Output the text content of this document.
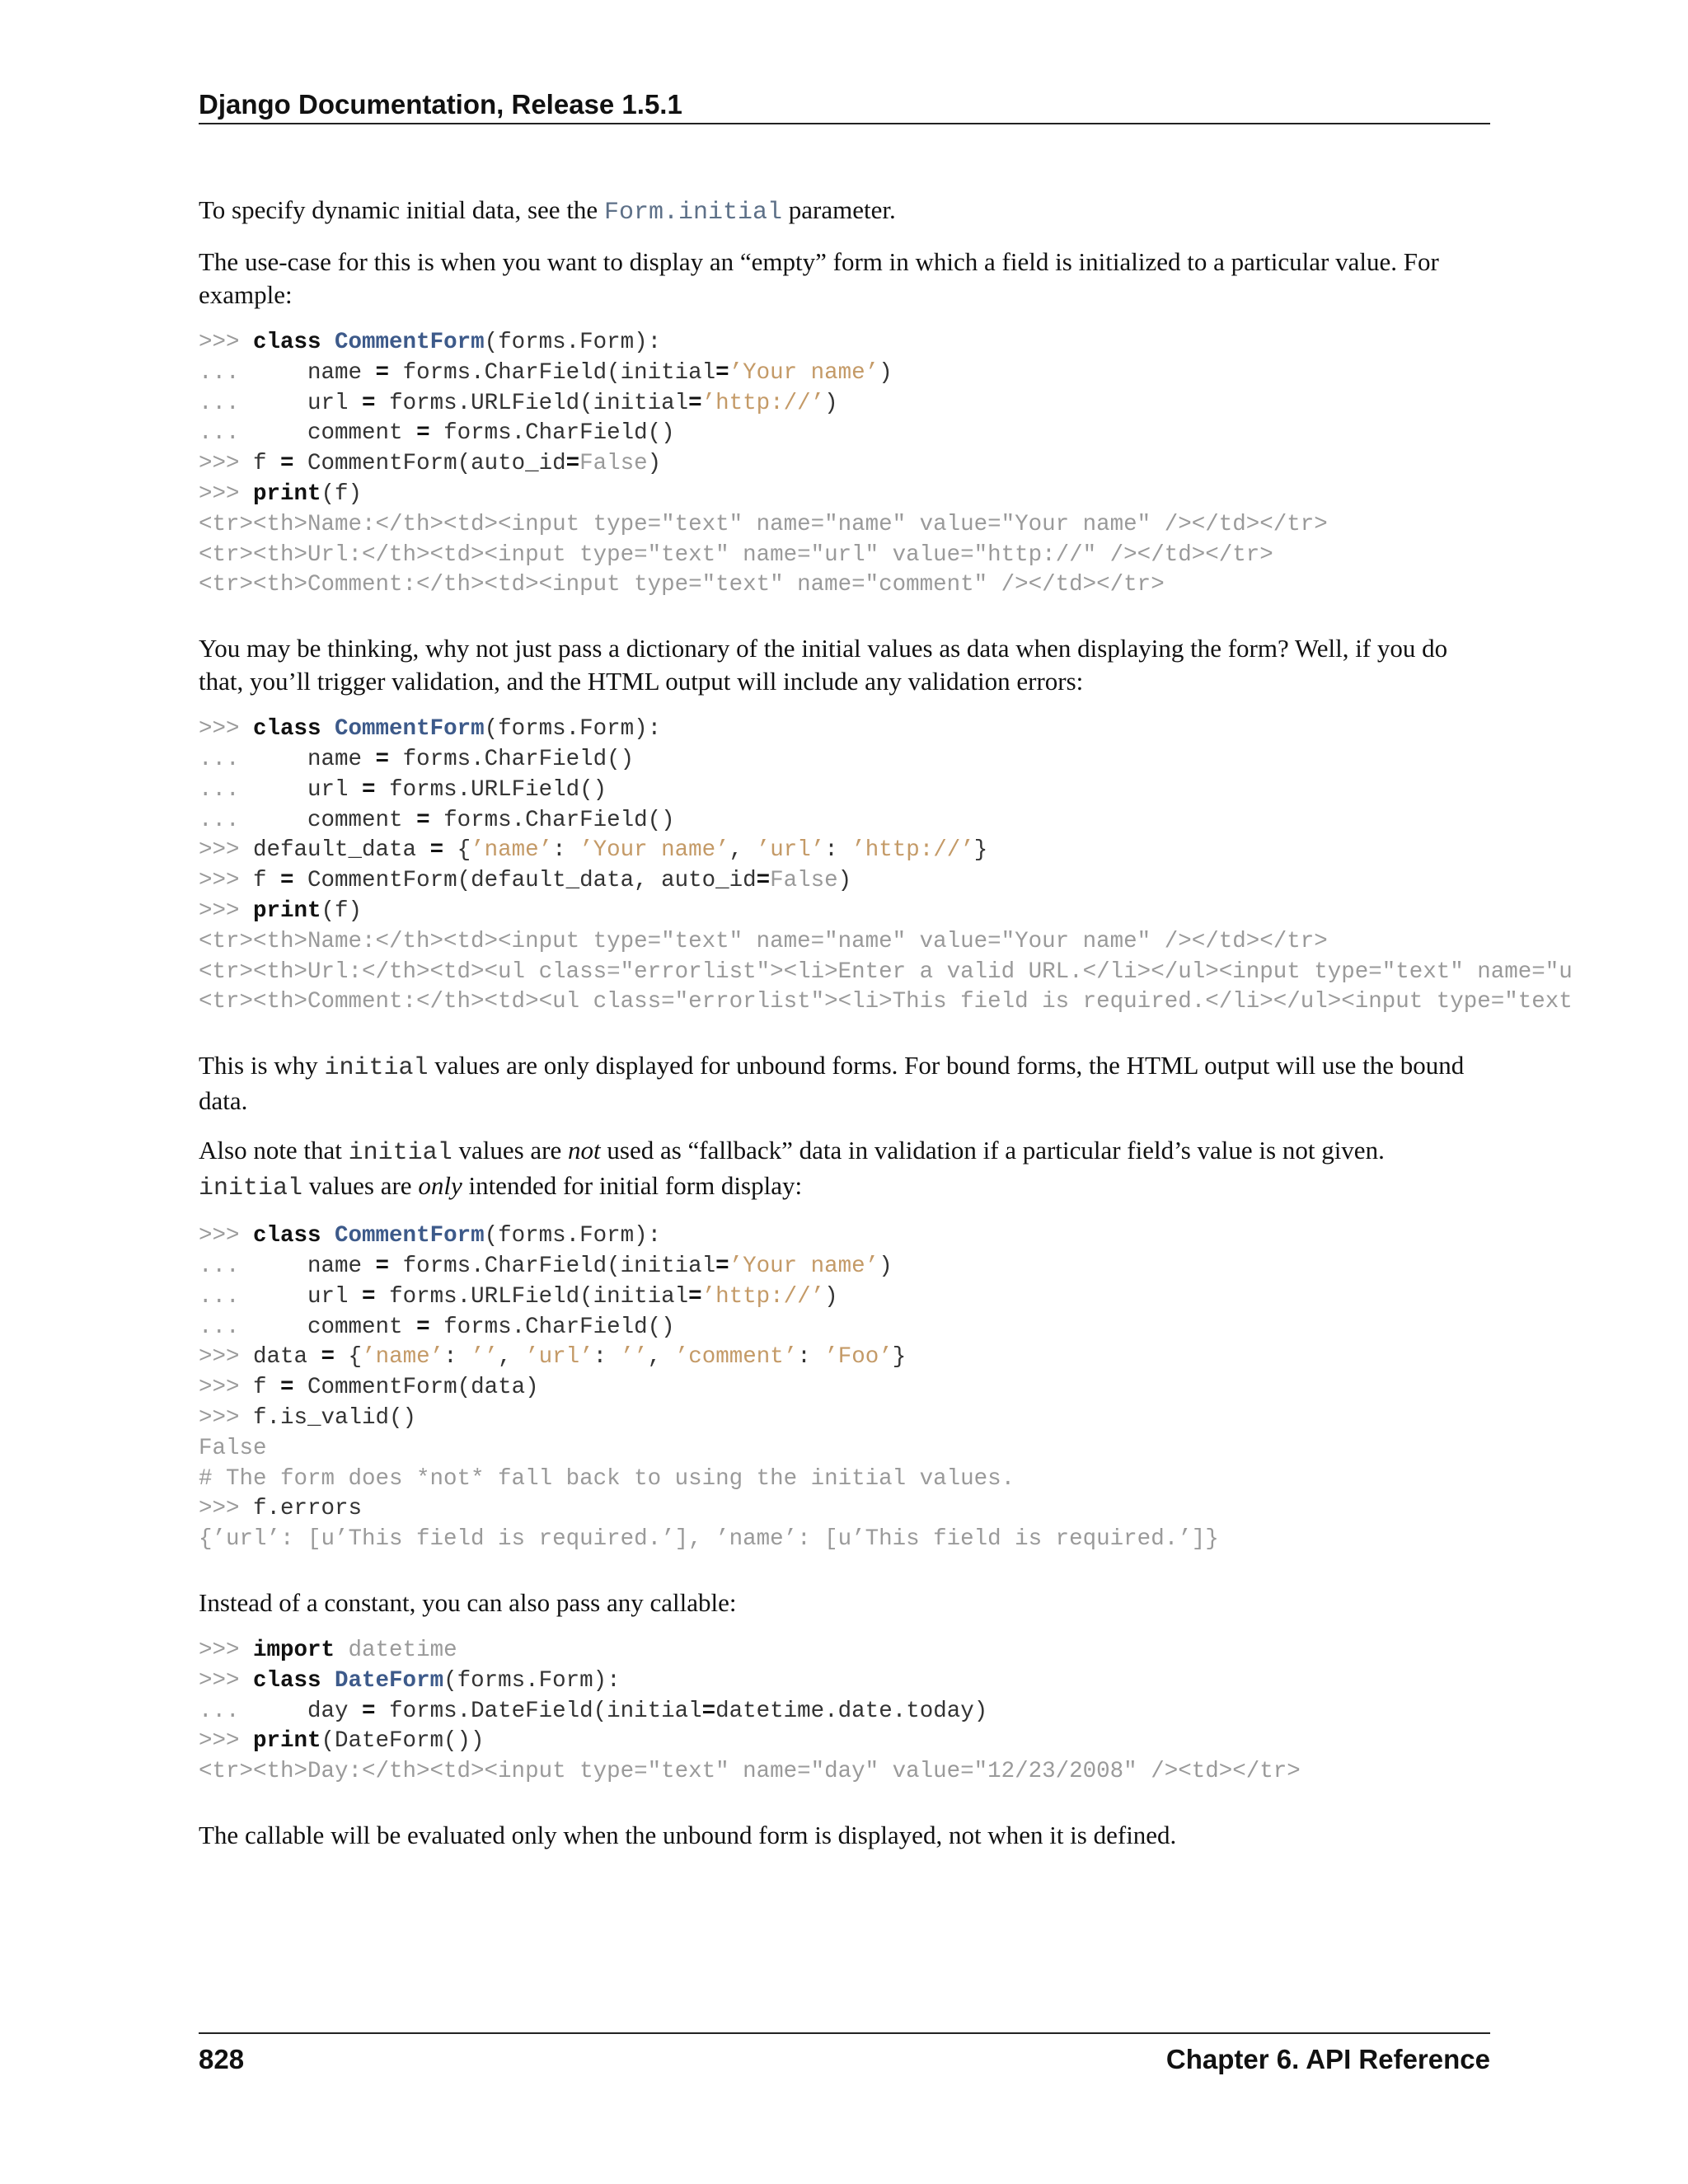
Django Documentation, Release 1.5.1

To specify dynamic initial data, see the Form.initial parameter.

The use-case for this is when you want to display an “empty” form in which a field is initialized to a particular value. For example:

>>> class CommentForm(forms.Form):
...     name = forms.CharField(initial=’Your name’)
...     url = forms.URLField(initial=’http://’)
...     comment = forms.CharField()
>>> f = CommentForm(auto_id=False)
>>> print(f)
<tr><th>Name:</th><td><input type="text" name="name" value="Your name" /></td></tr>
<tr><th>Url:</th><td><input type="text" name="url" value="http://" /></td></tr>
<tr><th>Comment:</th><td><input type="text" name="comment" /></td></tr>

You may be thinking, why not just pass a dictionary of the initial values as data when displaying the form? Well, if you do that, you’ll trigger validation, and the HTML output will include any validation errors:

>>> class CommentForm(forms.Form):
...     name = forms.CharField()
...     url = forms.URLField()
...     comment = forms.CharField()
>>> default_data = {’name’: ’Your name’, ’url’: ’http://’}
>>> f = CommentForm(default_data, auto_id=False)
>>> print(f)
<tr><th>Name:</th><td><input type="text" name="name" value="Your name" /></td></tr>
<tr><th>Url:</th><td><ul class="errorlist"><li>Enter a valid URL.</li></ul><input type="text" name="u
<tr><th>Comment:</th><td><ul class="errorlist"><li>This field is required.</li></ul><input type="text

This is why initial values are only displayed for unbound forms. For bound forms, the HTML output will use the bound data.

Also note that initial values are not used as “fallback” data in validation if a particular field’s value is not given. initial values are only intended for initial form display:

>>> class CommentForm(forms.Form):
...     name = forms.CharField(initial=’Your name’)
...     url = forms.URLField(initial=’http://’)
...     comment = forms.CharField()
>>> data = {’name’: ’’, ’url’: ’’, ’comment’: ’Foo’}
>>> f = CommentForm(data)
>>> f.is_valid()
False
# The form does *not* fall back to using the initial values.
>>> f.errors
{’url’: [u’This field is required.’], ’name’: [u’This field is required.’]}

Instead of a constant, you can also pass any callable:

>>> import datetime
>>> class DateForm(forms.Form):
...     day = forms.DateField(initial=datetime.date.today)
>>> print(DateForm())
<tr><th>Day:</th><td><input type="text" name="day" value="12/23/2008" /><td></tr>

The callable will be evaluated only when the unbound form is displayed, not when it is defined.

828	Chapter 6. API Reference
